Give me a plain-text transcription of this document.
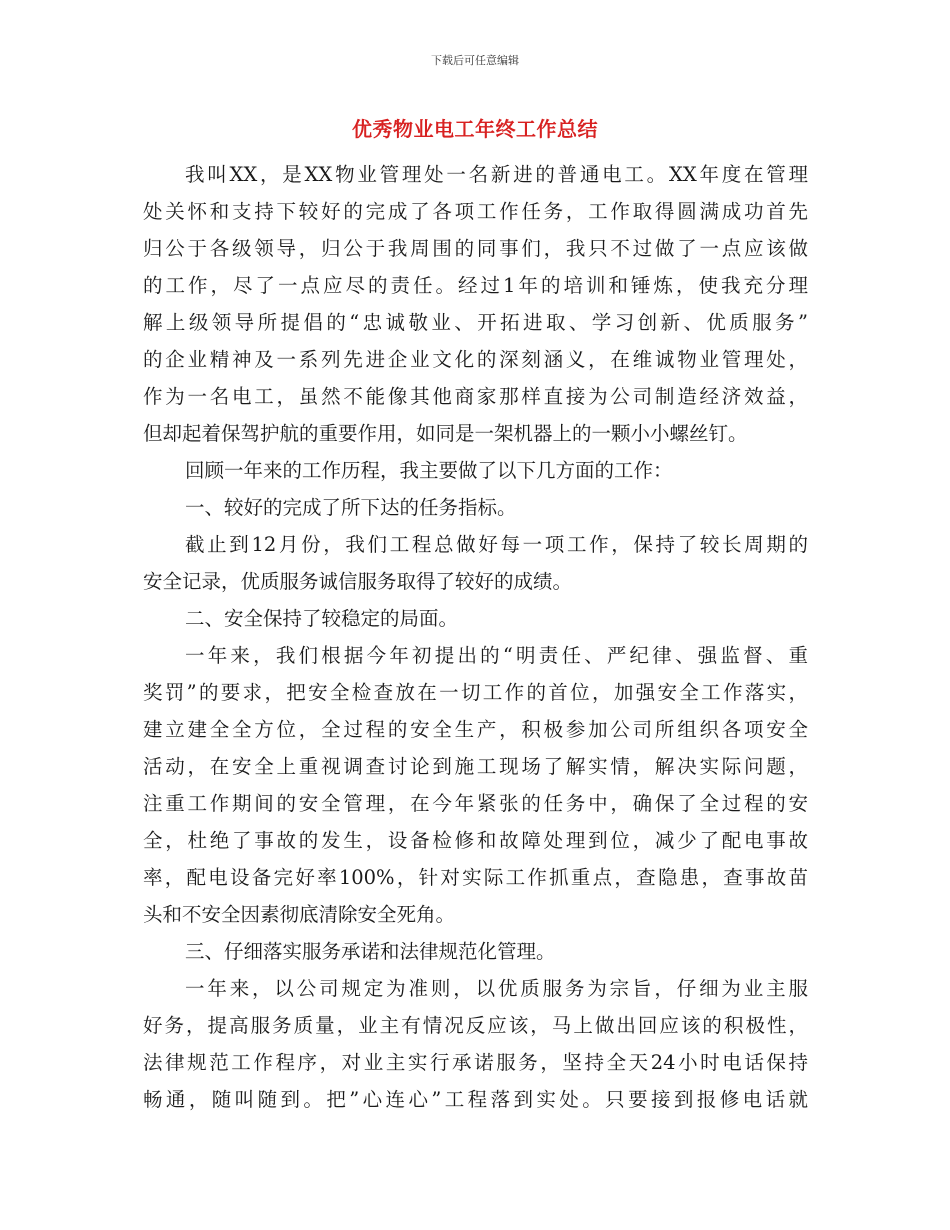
下载后可任意编辑
优秀物业电工年终工作总结
我叫XX，是XX物业管理处一名新进的普通电工。XX年度在管理
处关怀和支持下较好的完成了各项工作任务，工作取得圆满成功首先
归公于各级领导，归公于我周围的同事们，我只不过做了一点应该做
的工作，尽了一点应尽的责任。经过1年的培训和锤炼，使我充分理
解上级领导所提倡的“忠诚敬业、开拓进取、学习创新、优质服务”
的企业精神及一系列先进企业文化的深刻涵义，在维诚物业管理处，
作为一名电工，虽然不能像其他商家那样直接为公司制造经济效益，
但却起着保驾护航的重要作用，如同是一架机器上的一颗小小螺丝钉。
回顾一年来的工作历程，我主要做了以下几方面的工作：
一、较好的完成了所下达的任务指标。
截止到12月份，我们工程总做好每一项工作，保持了较长周期的
安全记录，优质服务诚信服务取得了较好的成绩。
二、安全保持了较稳定的局面。
一年来，我们根据今年初提出的“明责任、严纪律、强监督、重
奖罚”的要求，把安全检查放在一切工作的首位，加强安全工作落实，
建立建全全方位，全过程的安全生产，积极参加公司所组织各项安全
活动，在安全上重视调查讨论到施工现场了解实情，解决实际问题，
注重工作期间的安全管理，在今年紧张的任务中，确保了全过程的安
全，杜绝了事故的发生，设备检修和故障处理到位，减少了配电事故
率，配电设备完好率100%，针对实际工作抓重点，查隐患，查事故苗
头和不安全因素彻底清除安全死角。
三、仔细落实服务承诺和法律规范化管理。
一年来，以公司规定为准则，以优质服务为宗旨，仔细为业主服
好务，提高服务质量，业主有情况反应该，马上做出回应该的积极性，
法律规范工作程序，对业主实行承诺服务，坚持全天24小时电话保持
畅通，随叫随到。把”心连心”工程落到实处。只要接到报修电话就
